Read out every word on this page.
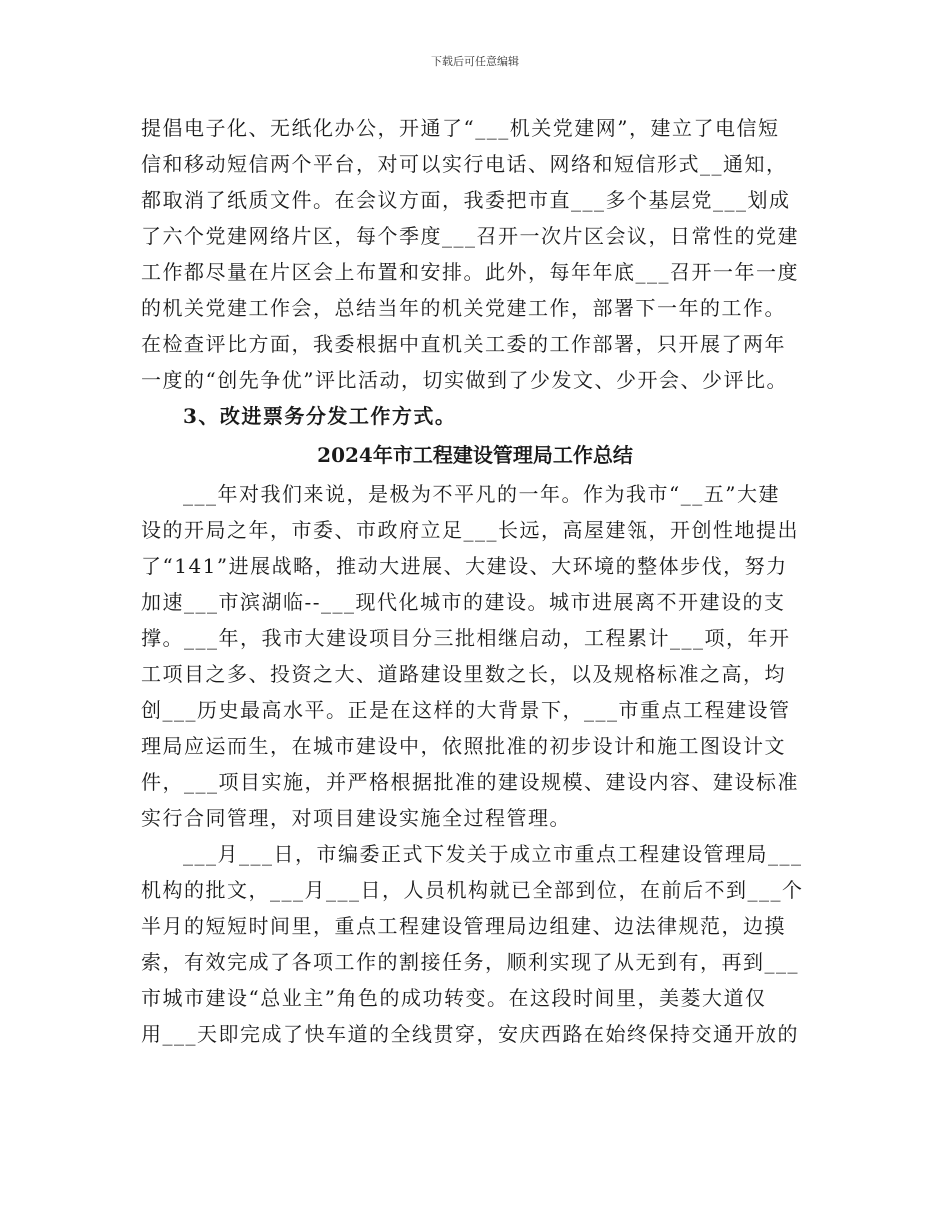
下载后可任意编辑
提倡电子化、无纸化办公，开通了“___机关党建网”，建立了电信短
信和移动短信两个平台，对可以实行电话、网络和短信形式__通知，
都取消了纸质文件。在会议方面，我委把市直___多个基层党___划成
了六个党建网络片区，每个季度___召开一次片区会议，日常性的党建
工作都尽量在片区会上布置和安排。此外，每年年底___召开一年一度
的机关党建工作会，总结当年的机关党建工作，部署下一年的工作。
在检查评比方面，我委根据中直机关工委的工作部署，只开展了两年
一度的“创先争优”评比活动，切实做到了少发文、少开会、少评比。
3、改进票务分发工作方式。
2024年市工程建设管理局工作总结
___年对我们来说，是极为不平凡的一年。作为我市“__五”大建
设的开局之年，市委、市政府立足___长远，高屋建瓴，开创性地提出
了“141”进展战略，推动大进展、大建设、大环境的整体步伐，努力
加速___市滨湖临--___现代化城市的建设。城市进展离不开建设的支
撑。___年，我市大建设项目分三批相继启动，工程累计___项，年开
工项目之多、投资之大、道路建设里数之长，以及规格标准之高，均
创___历史最高水平。正是在这样的大背景下，___市重点工程建设管
理局应运而生，在城市建设中，依照批准的初步设计和施工图设计文
件，___项目实施，并严格根据批准的建设规模、建设内容、建设标准
实行合同管理，对项目建设实施全过程管理。
___月___日，市编委正式下发关于成立市重点工程建设管理局___
机构的批文，___月___日，人员机构就已全部到位，在前后不到___个
半月的短短时间里，重点工程建设管理局边组建、边法律规范，边摸
索，有效完成了各项工作的割接任务，顺利实现了从无到有，再到___
市城市建设“总业主”角色的成功转变。在这段时间里，美菱大道仅
用___天即完成了快车道的全线贯穿，安庆西路在始终保持交通开放的
